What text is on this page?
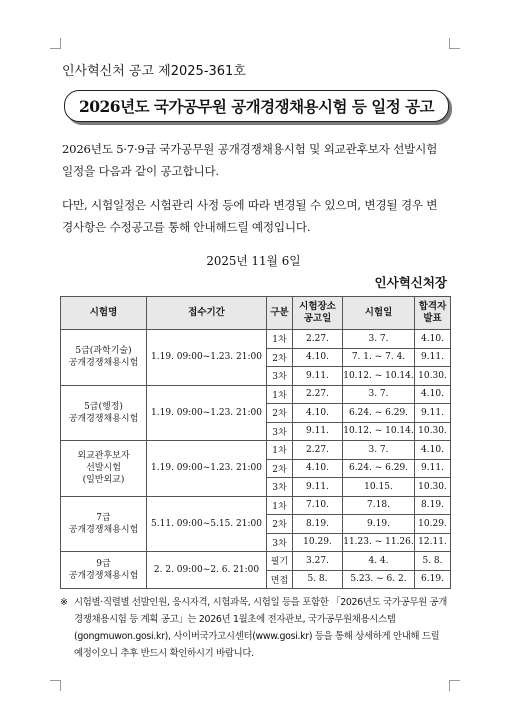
인사혁신처 공고 제2025-361호
2026년도 국가공무원 공개경쟁채용시험 등 일정 공고
2026년도 5·7·9급 국가공무원 공개경쟁채용시험 및 외교관후보자 선발시험 일정을 다음과 같이 공고합니다.
다만, 시험일정은 시험관리 사정 등에 따라 변경될 수 있으며, 변경될 경우 변경사항은 수정공고를 통해 안내해드릴 예정입니다.
2025년 11월 6일
인사혁신처장
시험명	접수기간	구분	시험장소 공고일	시험일	합격자 발표
5급(과학기술)
공개경쟁채용시험	1.19. 09:00~1.23. 21:00	1차	2.27.	3. 7.	4.10.
		2차	4.10.	7. 1. ~ 7. 4.	9.11.
		3차	9.11.	10.12. ~ 10.14.	10.30.
5급(행정)
공개경쟁채용시험	1.19. 09:00~1.23. 21:00	1차	2.27.	3. 7.	4.10.
		2차	4.10.	6.24. ~ 6.29.	9.11.
		3차	9.11.	10.12. ~ 10.14.	10.30.
외교관후보자
선발시험
(일반외교)	1.19. 09:00~1.23. 21:00	1차	2.27.	3. 7.	4.10.
		2차	4.10.	6.24. ~ 6.29.	9.11.
		3차	9.11.	10.15.	10.30.
7급
공개경쟁채용시험	5.11. 09:00~5.15. 21:00	1차	7.10.	7.18.	8.19.
		2차	8.19.	9.19.	10.29.
		3차	10.29.	11.23. ~ 11.26.	12.11.
9급
공개경쟁채용시험	2. 2. 09:00~2. 6. 21:00	필기	3.27.	4. 4.	5. 8.
		면접	5. 8.	5.23. ~ 6. 2.	6.19.
※ 시험별·직렬별 선발인원, 응시자격, 시험과목, 시험일 등을 포함한 「2026년도 국가공무원 공개경쟁채용시험 등 계획 공고」는 2026년 1월초에 전자관보, 국가공무원채용시스템(gongmuwon.gosi.kr), 사이버국가고시센터(www.gosi.kr) 등을 통해 상세하게 안내해 드릴 예정이오니 추후 반드시 확인하시기 바랍니다.
